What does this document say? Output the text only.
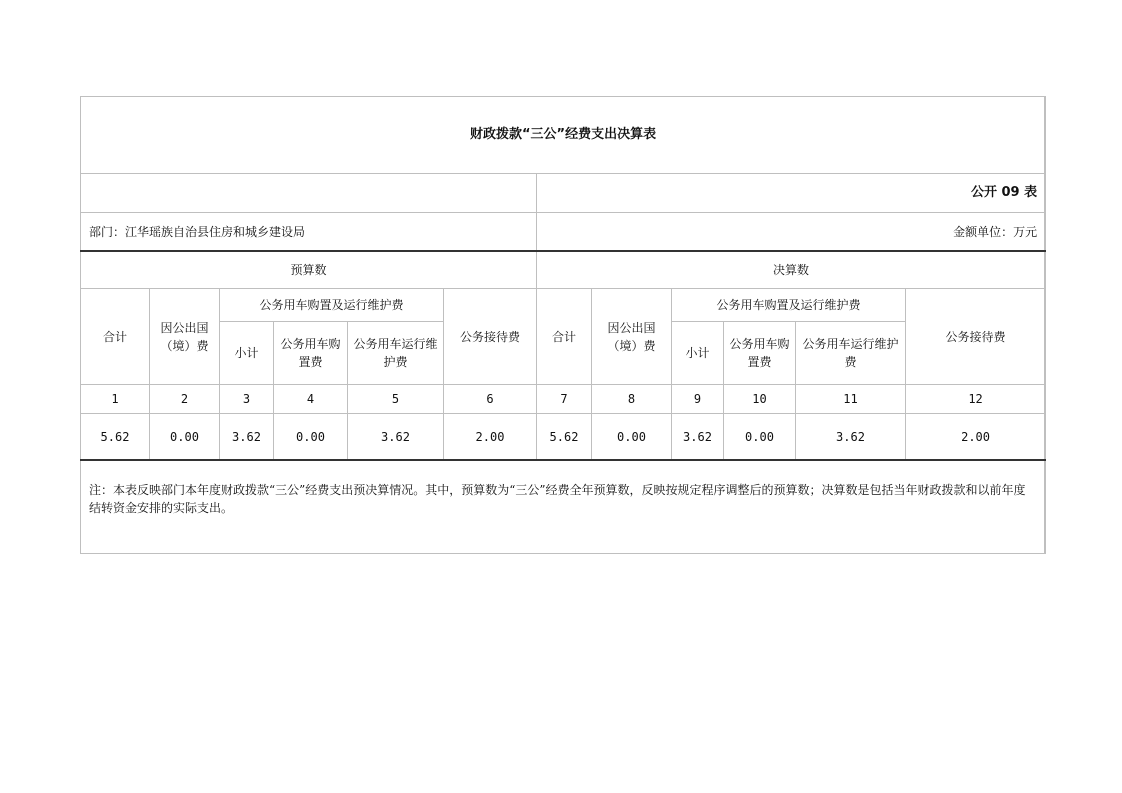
财政拨款“三公”经费支出决算表											
						公开 09 表					
部门：江华瑶族自治县住房和城乡建设局						金额单位：万元					
预算数						决算数					
合计	因公出国（境）费	公务用车购置及运行维护费			公务接待费	合计	因公出国（境）费	公务用车购置及运行维护费			公务接待费
		小计	公务用车购置费	公务用车运行维护费				小计	公务用车购置费	公务用车运行维护费	
1	2	3	4	5	6	7	8	9	10	11	12
5.62	0.00	3.62	0.00	3.62	2.00	5.62	0.00	3.62	0.00	3.62	2.00
注：本表反映部门本年度财政拨款“三公”经费支出预决算情况。其中，预算数为“三公”经费全年预算数，反映按规定程序调整后的预算数；决算数是包括当年财政拨款和以前年度结转资金安排的实际支出。											
